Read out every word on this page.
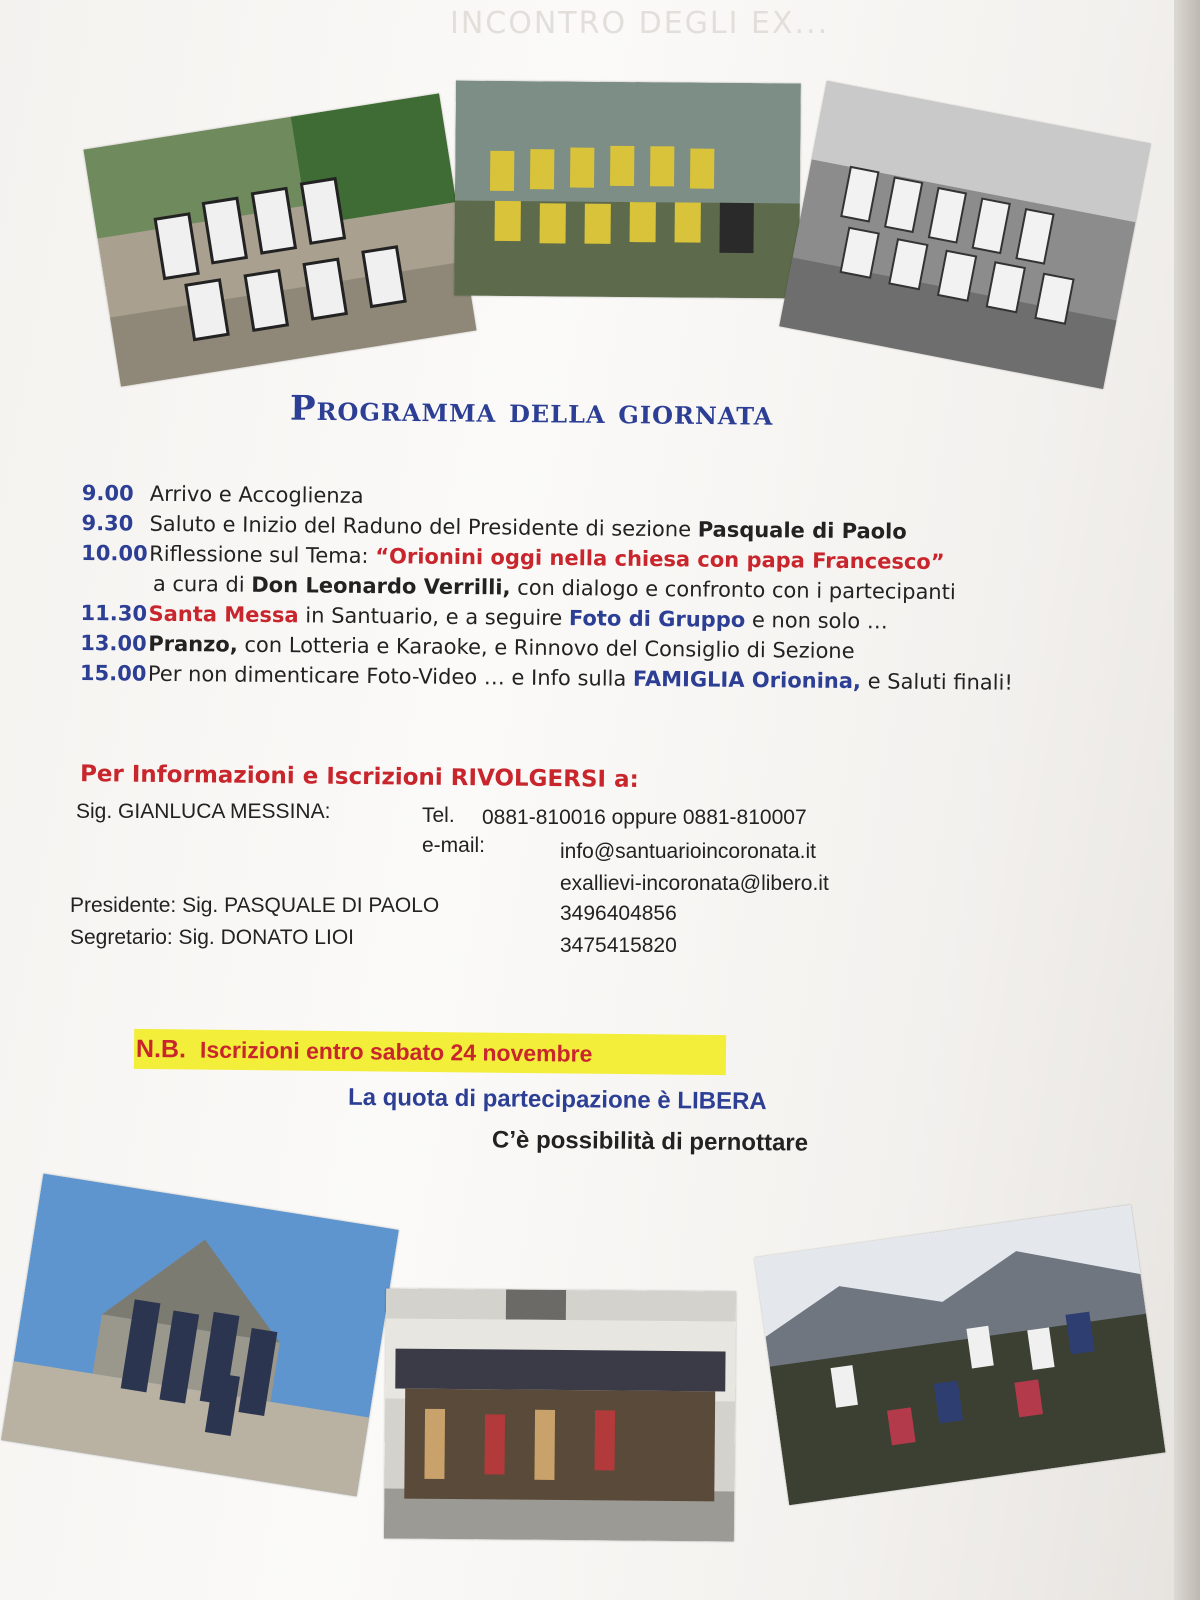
INCONTRO DEGLI EX...
Programma della giornata
9.00 Arrivo e Accoglienza
9.30 Saluto e Inizio del Raduno del Presidente di sezione Pasquale di Paolo
10.00Riflessione sul Tema: “Orionini oggi nella chiesa con papa Francesco”
a cura di Don Leonardo Verrilli, con dialogo e confronto con i partecipanti
11.30Santa Messa in Santuario, e a seguire Foto di Gruppo e non solo …
13.00Pranzo, con Lotteria e Karaoke, e Rinnovo del Consiglio di Sezione
15.00Per non dimenticare Foto-Video … e Info sulla FAMIGLIA Orionina, e Saluti finali!
Per Informazioni e Iscrizioni RIVOLGERSI a:
Sig. GIANLUCA MESSINA:	Tel. 0881-810016 oppure 0881-810007
e-mail:	info@santuarioincoronata.it
exallievi-incoronata@libero.it
Presidente: Sig. PASQUALE DI PAOLO	3496404856
Segretario: Sig. DONATO LIOI	3475415820
N.B. Iscrizioni entro sabato 24 novembre
La quota di partecipazione è LIBERA
C’è possibilità di pernottare
